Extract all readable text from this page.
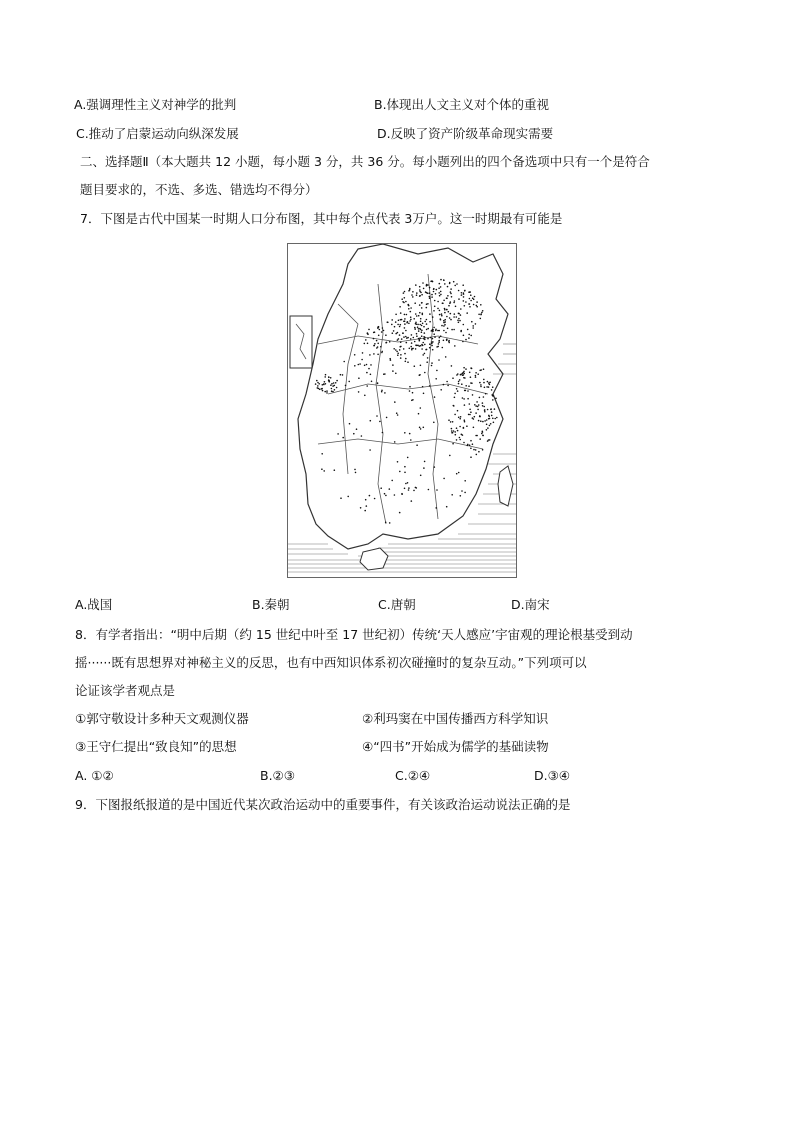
A.强调理性主义对神学的批判	B.体现出人文主义对个体的重视
C.推动了启蒙运动向纵深发展	D.反映了资产阶级革命现实需要
二、选择题Ⅱ（本大题共 12 小题，每小题 3 分，共 36 分。每小题列出的四个备选项中只有一个是符合
题目要求的，不选、多选、错选均不得分）
7．下图是古代中国某一时期人口分布图，其中每个点代表 3万户。这一时期最有可能是
A.战国	B.秦朝	C.唐朝	D.南宋
8．有学者指出：“明中后期（约 15 世纪中叶至 17 世纪初）传统‘天人感应’宇宙观的理论根基受到动
摇······既有思想界对神秘主义的反思，也有中西知识体系初次碰撞时的复杂互动。”下列项可以
论证该学者观点是
①郭守敬设计多种天文观测仪器	②利玛窦在中国传播西方科学知识
③王守仁提出“致良知”的思想	④“四书”开始成为儒学的基础读物
A. ①②	B.②③	C.②④	D.③④
9．下图报纸报道的是中国近代某次政治运动中的重要事件，有关该政治运动说法正确的是
